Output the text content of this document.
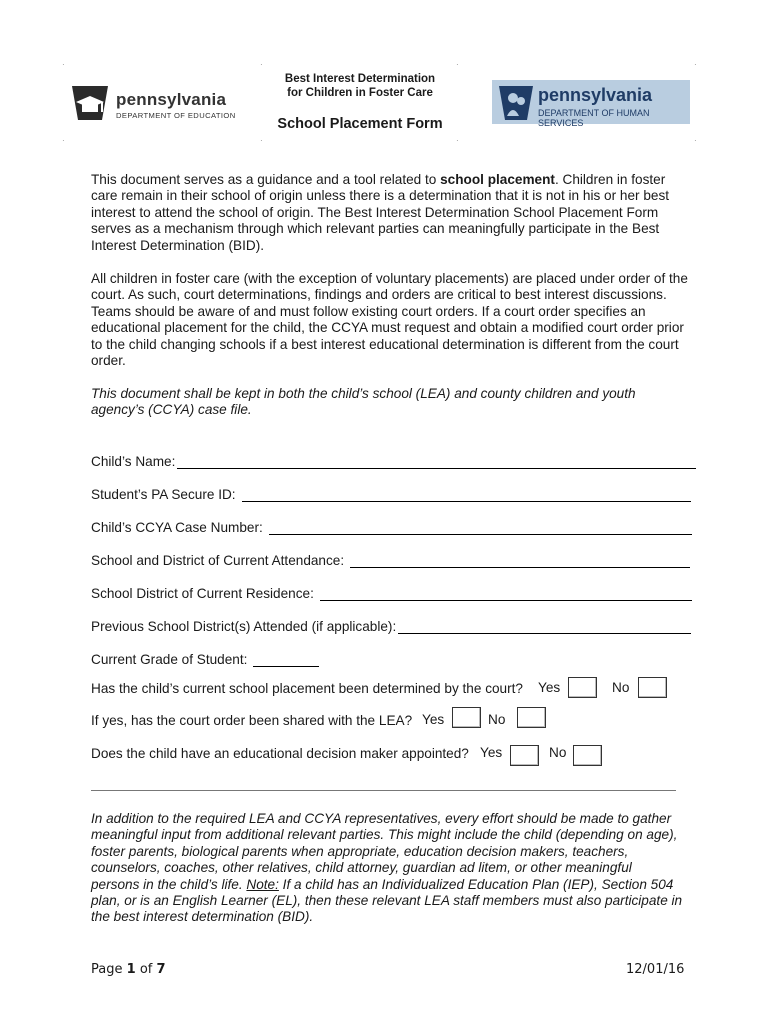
pennsylvania
DEPARTMENT OF EDUCATION
pennsylvania
DEPARTMENT OF HUMAN SERVICES
Best Interest Determination
for Children in Foster Care
School Placement Form
·	·	·	·
·	·	·	·
This document serves as a guidance and a tool related to school placement. Children in foster care remain in their school of origin unless there is a determination that it is not in his or her best interest to attend the school of origin. The Best Interest Determination School Placement Form serves as a mechanism through which relevant parties can meaningfully participate in the Best Interest Determination (BID).
All children in foster care (with the exception of voluntary placements) are placed under order of the court. As such, court determinations, findings and orders are critical to best interest discussions. Teams should be aware of and must follow existing court orders. If a court order specifies an educational placement for the child, the CCYA must request and obtain a modified court order prior to the child changing schools if a best interest educational determination is different from the court order.
This document shall be kept in both the child’s school (LEA) and county children and youth agency’s (CCYA) case file.
Child’s Name:
Student’s PA Secure ID:
Child’s CCYA Case Number:
School and District of Current Attendance:
School District of Current Residence:
Previous School District(s) Attended (if applicable):
Current Grade of Student:
Has the child’s current school placement been determined by the court? Yes	No
If yes, has the court order been shared with the LEA? Yes	No
Does the child have an educational decision maker appointed? Yes	No
In addition to the required LEA and CCYA representatives, every effort should be made to gather meaningful input from additional relevant parties. This might include the child (depending on age), foster parents, biological parents when appropriate, education decision makers, teachers, counselors, coaches, other relatives, child attorney, guardian ad litem, or other meaningful persons in the child’s life. Note: If a child has an Individualized Education Plan (IEP), Section 504 plan, or is an English Learner (EL), then these relevant LEA staff members must also participate in the best interest determination (BID).
Page 1 of 7	12/01/16
